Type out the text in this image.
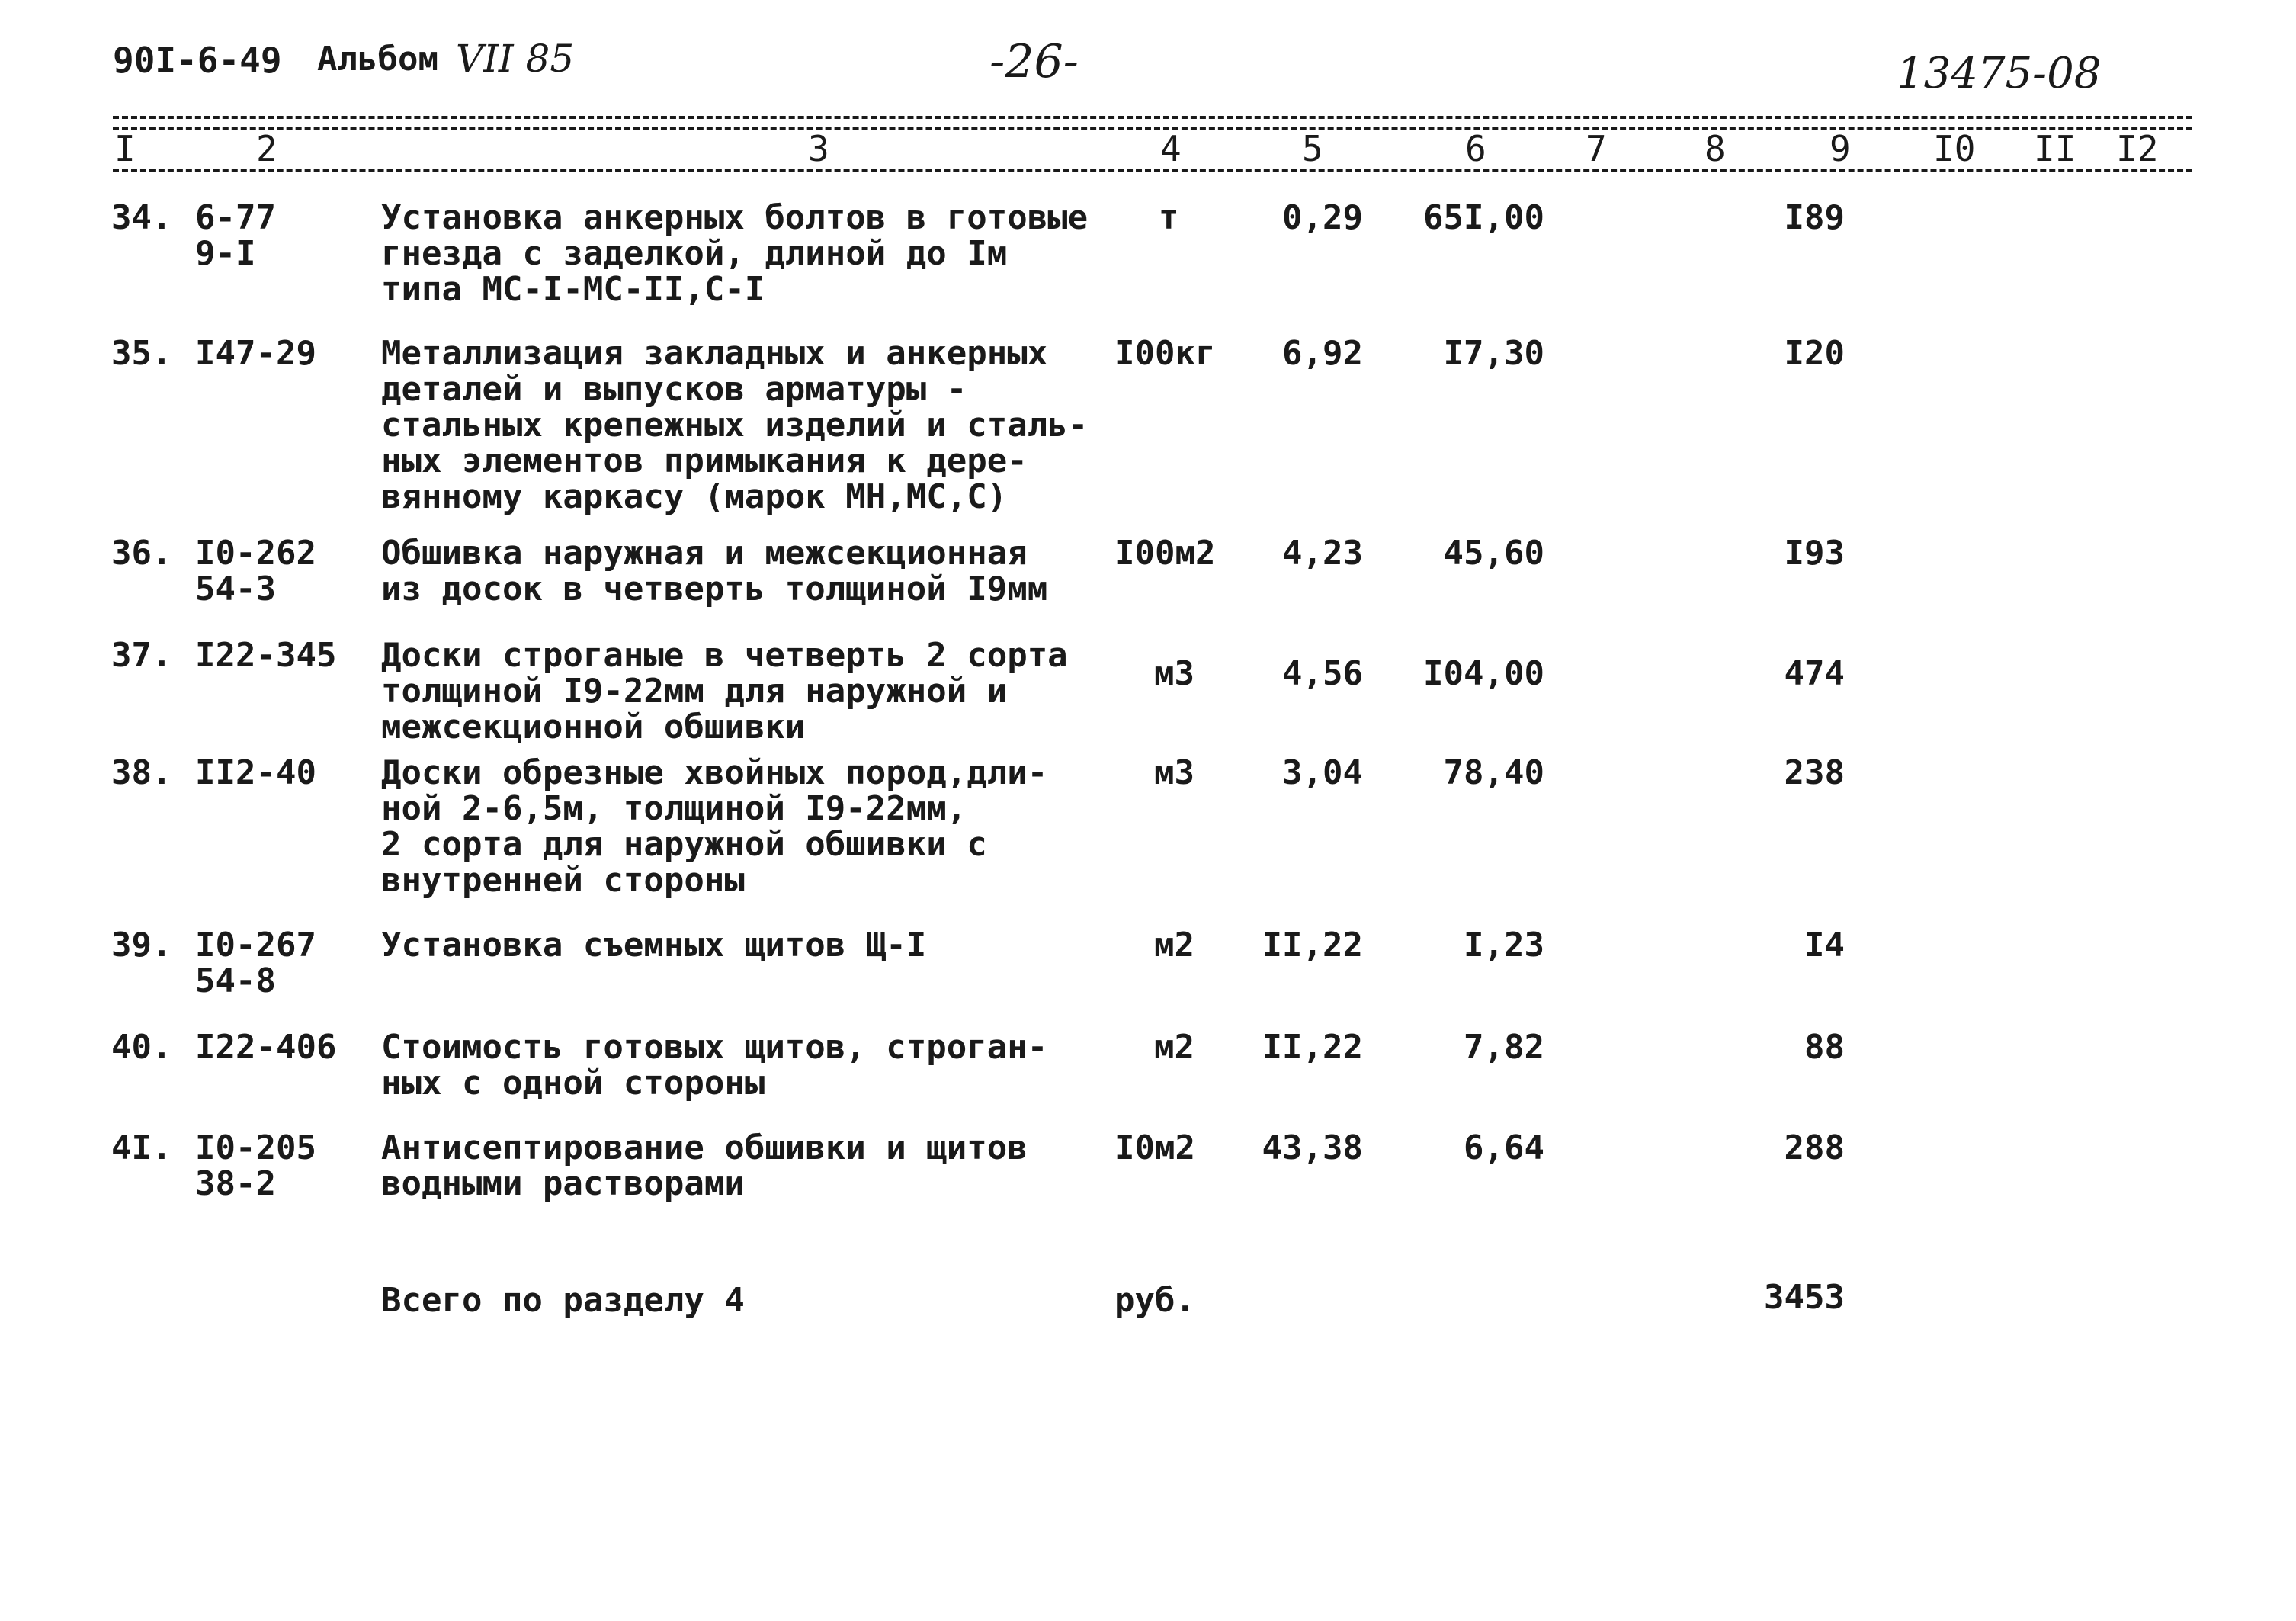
90I-6-49 Альбом VII 85	-26-	13475-08
I	2	3	4	5	6	7	8	9 I0 II I2
34. 6-77
9-I
Установка анкерных болтов в готовые
гнезда с заделкой, длиной до Iм
типа МС-I-МС-II,С-I
т	0,29 65I,00	I89
35. I47-29 Металлизация закладных и анкерных
деталей и выпусков арматуры -
стальных крепежных изделий и сталь-
ных элементов примыкания к дере-
вянному каркасу (марок МН,МС,С)
I00кг	6,92	I7,30	I20
36. I0-262
54-3
Обшивка наружная и межсекционная
из досок в четверть толщиной I9мм
I00м2	4,23	45,60	I93
37. I22-345 Доски строганые в четверть 2 сорта
толщиной I9-22мм для наружной и
межсекционной обшивки
м3	4,56 I04,00	474
38. II2-40 Доски обрезные хвойных пород,дли-
ной 2-6,5м, толщиной I9-22мм,
2 сорта для наружной обшивки с
внутренней стороны
м3	3,04	78,40	238
39. I0-267
54-8
Установка съемных щитов Щ-I	м2	II,22	I,23	I4
40. I22-406 Стоимость готовых щитов, строган-
ных с одной стороны
м2	II,22	7,82	88
4I. I0-205
38-2
Антисептирование обшивки и щитов
водными растворами
I0м2	43,38	6,64	288
Всего по разделу 4	руб.	3453
